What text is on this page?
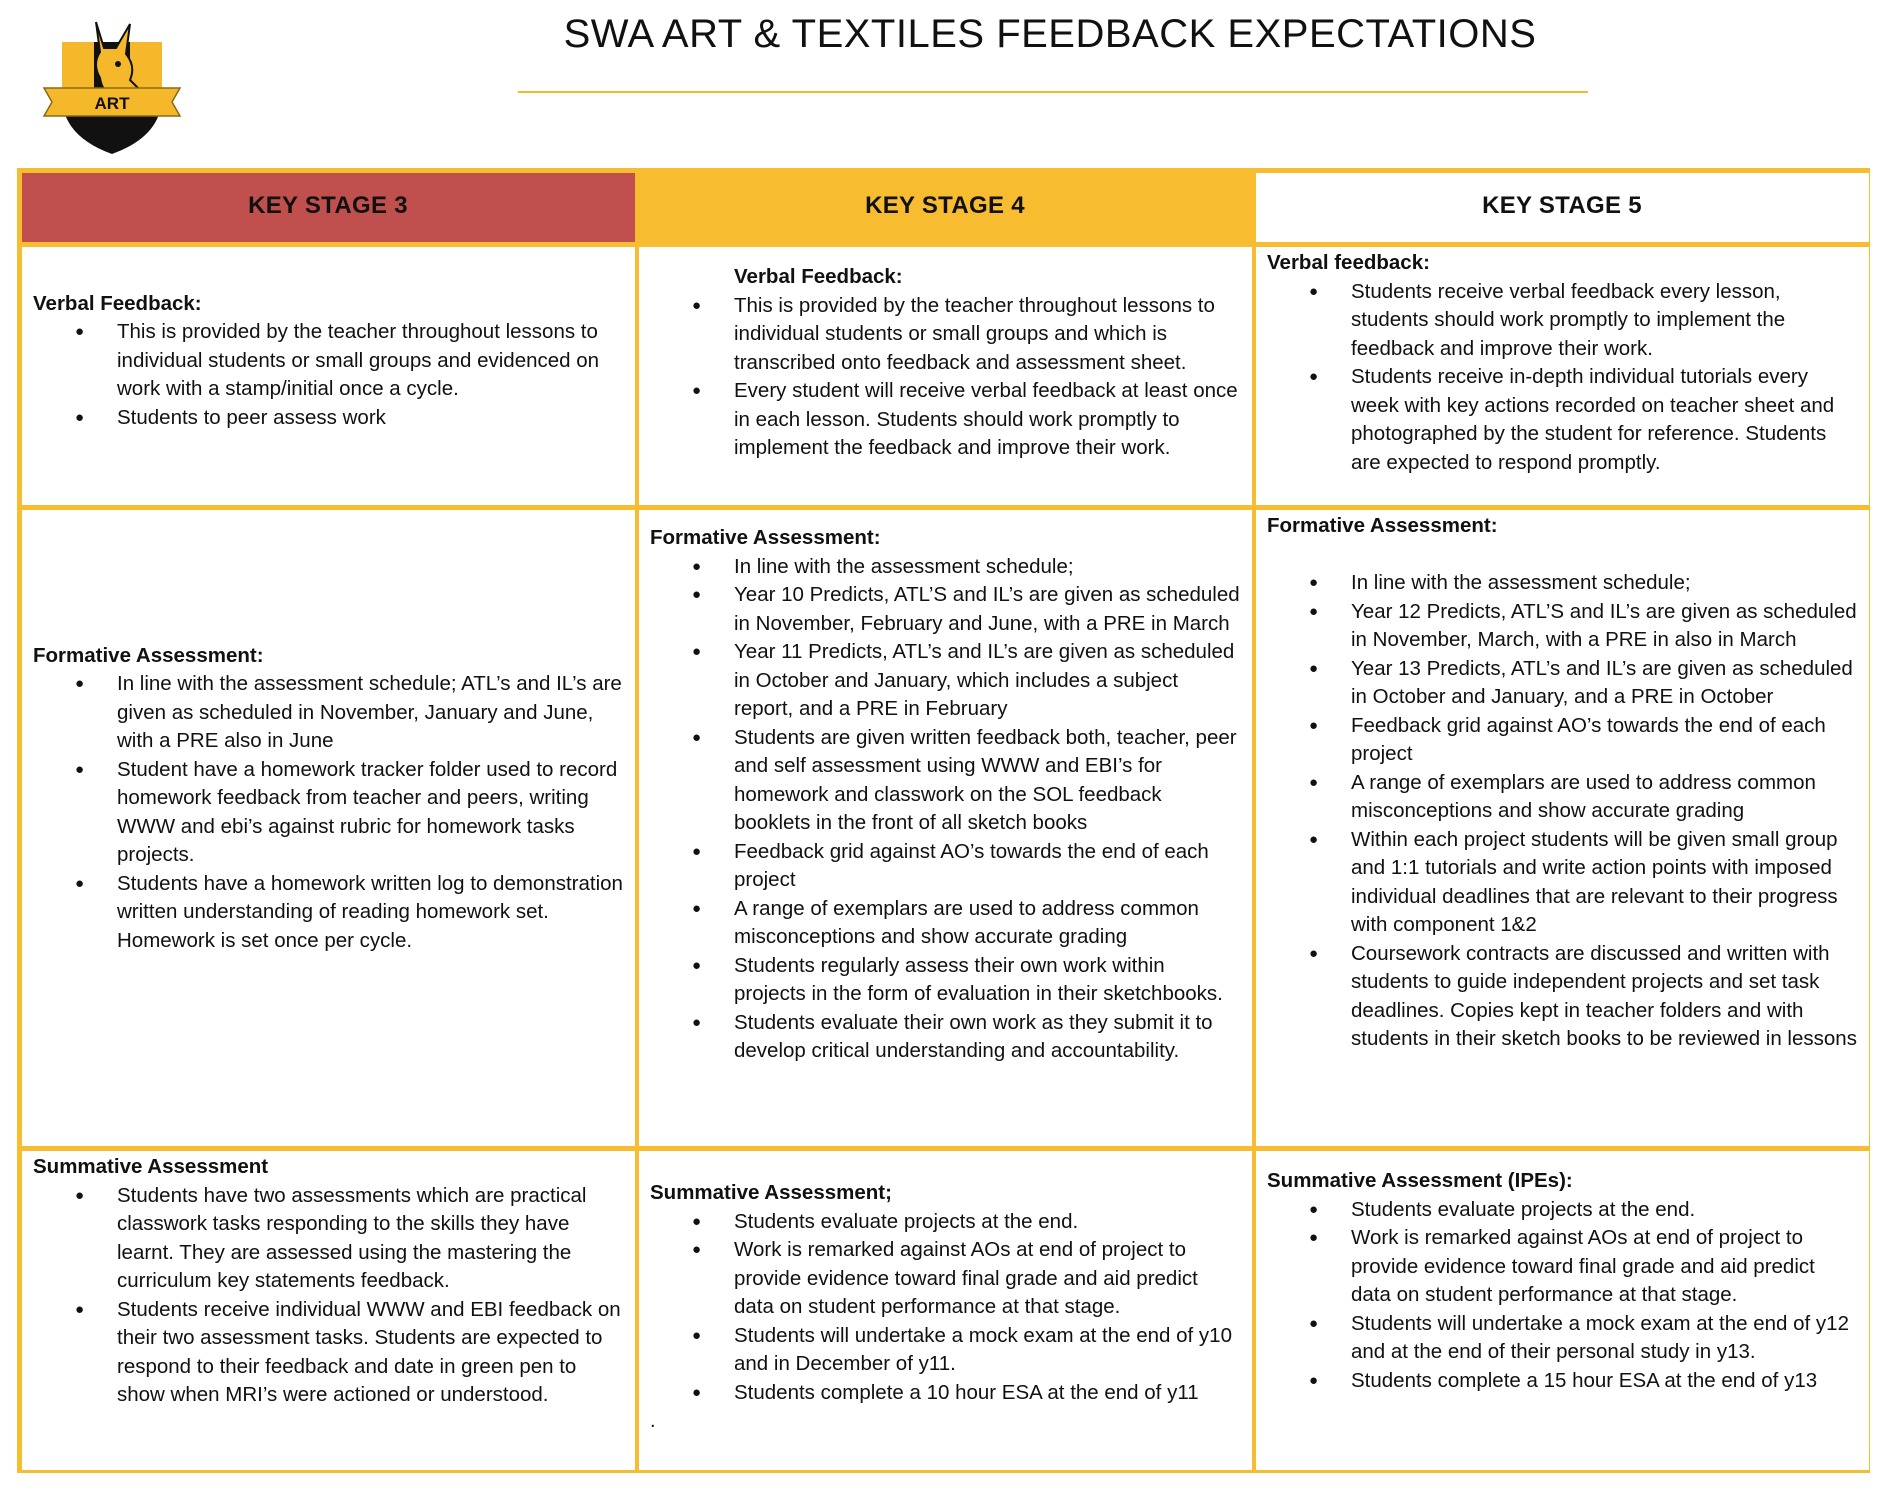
ART
SWA ART & TEXTILES FEEDBACK EXPECTATIONS
KEY STAGE 3	KEY STAGE 4	KEY STAGE 5
Verbal Feedback:
● This is provided by the teacher throughout lessons to individual students or small groups and evidenced on work with a stamp/initial once a cycle.
● Students to peer assess work
Verbal Feedback:
● This is provided by the teacher throughout lessons to individual students or small groups and which is transcribed onto feedback and assessment sheet.
● Every student will receive verbal feedback at least once in each lesson. Students should work promptly to implement the feedback and improve their work.
Verbal feedback:
● Students receive verbal feedback every lesson, students should work promptly to implement the feedback and improve their work.
● Students receive in-depth individual tutorials every week with key actions recorded on teacher sheet and photographed by the student for reference. Students are expected to respond promptly.
Formative Assessment:
● In line with the assessment schedule; ATL’s and IL’s are given as scheduled in November, January and June, with a PRE also in June
● Student have a homework tracker folder used to record homework feedback from teacher and peers, writing WWW and ebi’s against rubric for homework tasks projects.
● Students have a homework written log to demonstration written understanding of reading homework set. Homework is set once per cycle.
Formative Assessment:
● In line with the assessment schedule;
● Year 10 Predicts, ATL’S and IL’s are given as scheduled in November, February and June, with a PRE in March
● Year 11 Predicts, ATL’s and IL’s are given as scheduled in October and January, which includes a subject report, and a PRE in February
● Students are given written feedback both, teacher, peer and self assessment using WWW and EBI’s for homework and classwork on the SOL feedback booklets in the front of all sketch books
● Feedback grid against AO’s towards the end of each project
● A range of exemplars are used to address common misconceptions and show accurate grading
● Students regularly assess their own work within projects in the form of evaluation in their sketchbooks.
● Students evaluate their own work as they submit it to develop critical understanding and accountability.
Formative Assessment:
● In line with the assessment schedule;
● Year 12 Predicts, ATL’S and IL’s are given as scheduled in November, March, with a PRE in also in March
● Year 13 Predicts, ATL’s and IL’s are given as scheduled in October and January, and a PRE in October
● Feedback grid against AO’s towards the end of each project
● A range of exemplars are used to address common misconceptions and show accurate grading
● Within each project students will be given small group and 1:1 tutorials and write action points with imposed individual deadlines that are relevant to their progress with component 1&2
● Coursework contracts are discussed and written with students to guide independent projects and set task deadlines. Copies kept in teacher folders and with students in their sketch books to be reviewed in lessons
Summative Assessment
● Students have two assessments which are practical classwork tasks responding to the skills they have learnt. They are assessed using the mastering the curriculum key statements feedback.
● Students receive individual WWW and EBI feedback on their two assessment tasks. Students are expected to respond to their feedback and date in green pen to show when MRI’s were actioned or understood.
Summative Assessment;
● Students evaluate projects at the end.
● Work is remarked against AOs at end of project to provide evidence toward final grade and aid predict data on student performance at that stage.
● Students will undertake a mock exam at the end of y10 and in December of y11.
● Students complete a 10 hour ESA at the end of y11
.
Summative Assessment (IPEs):
● Students evaluate projects at the end.
● Work is remarked against AOs at end of project to provide evidence toward final grade and aid predict data on student performance at that stage.
● Students will undertake a mock exam at the end of y12 and at the end of their personal study in y13.
● Students complete a 15 hour ESA at the end of y13
